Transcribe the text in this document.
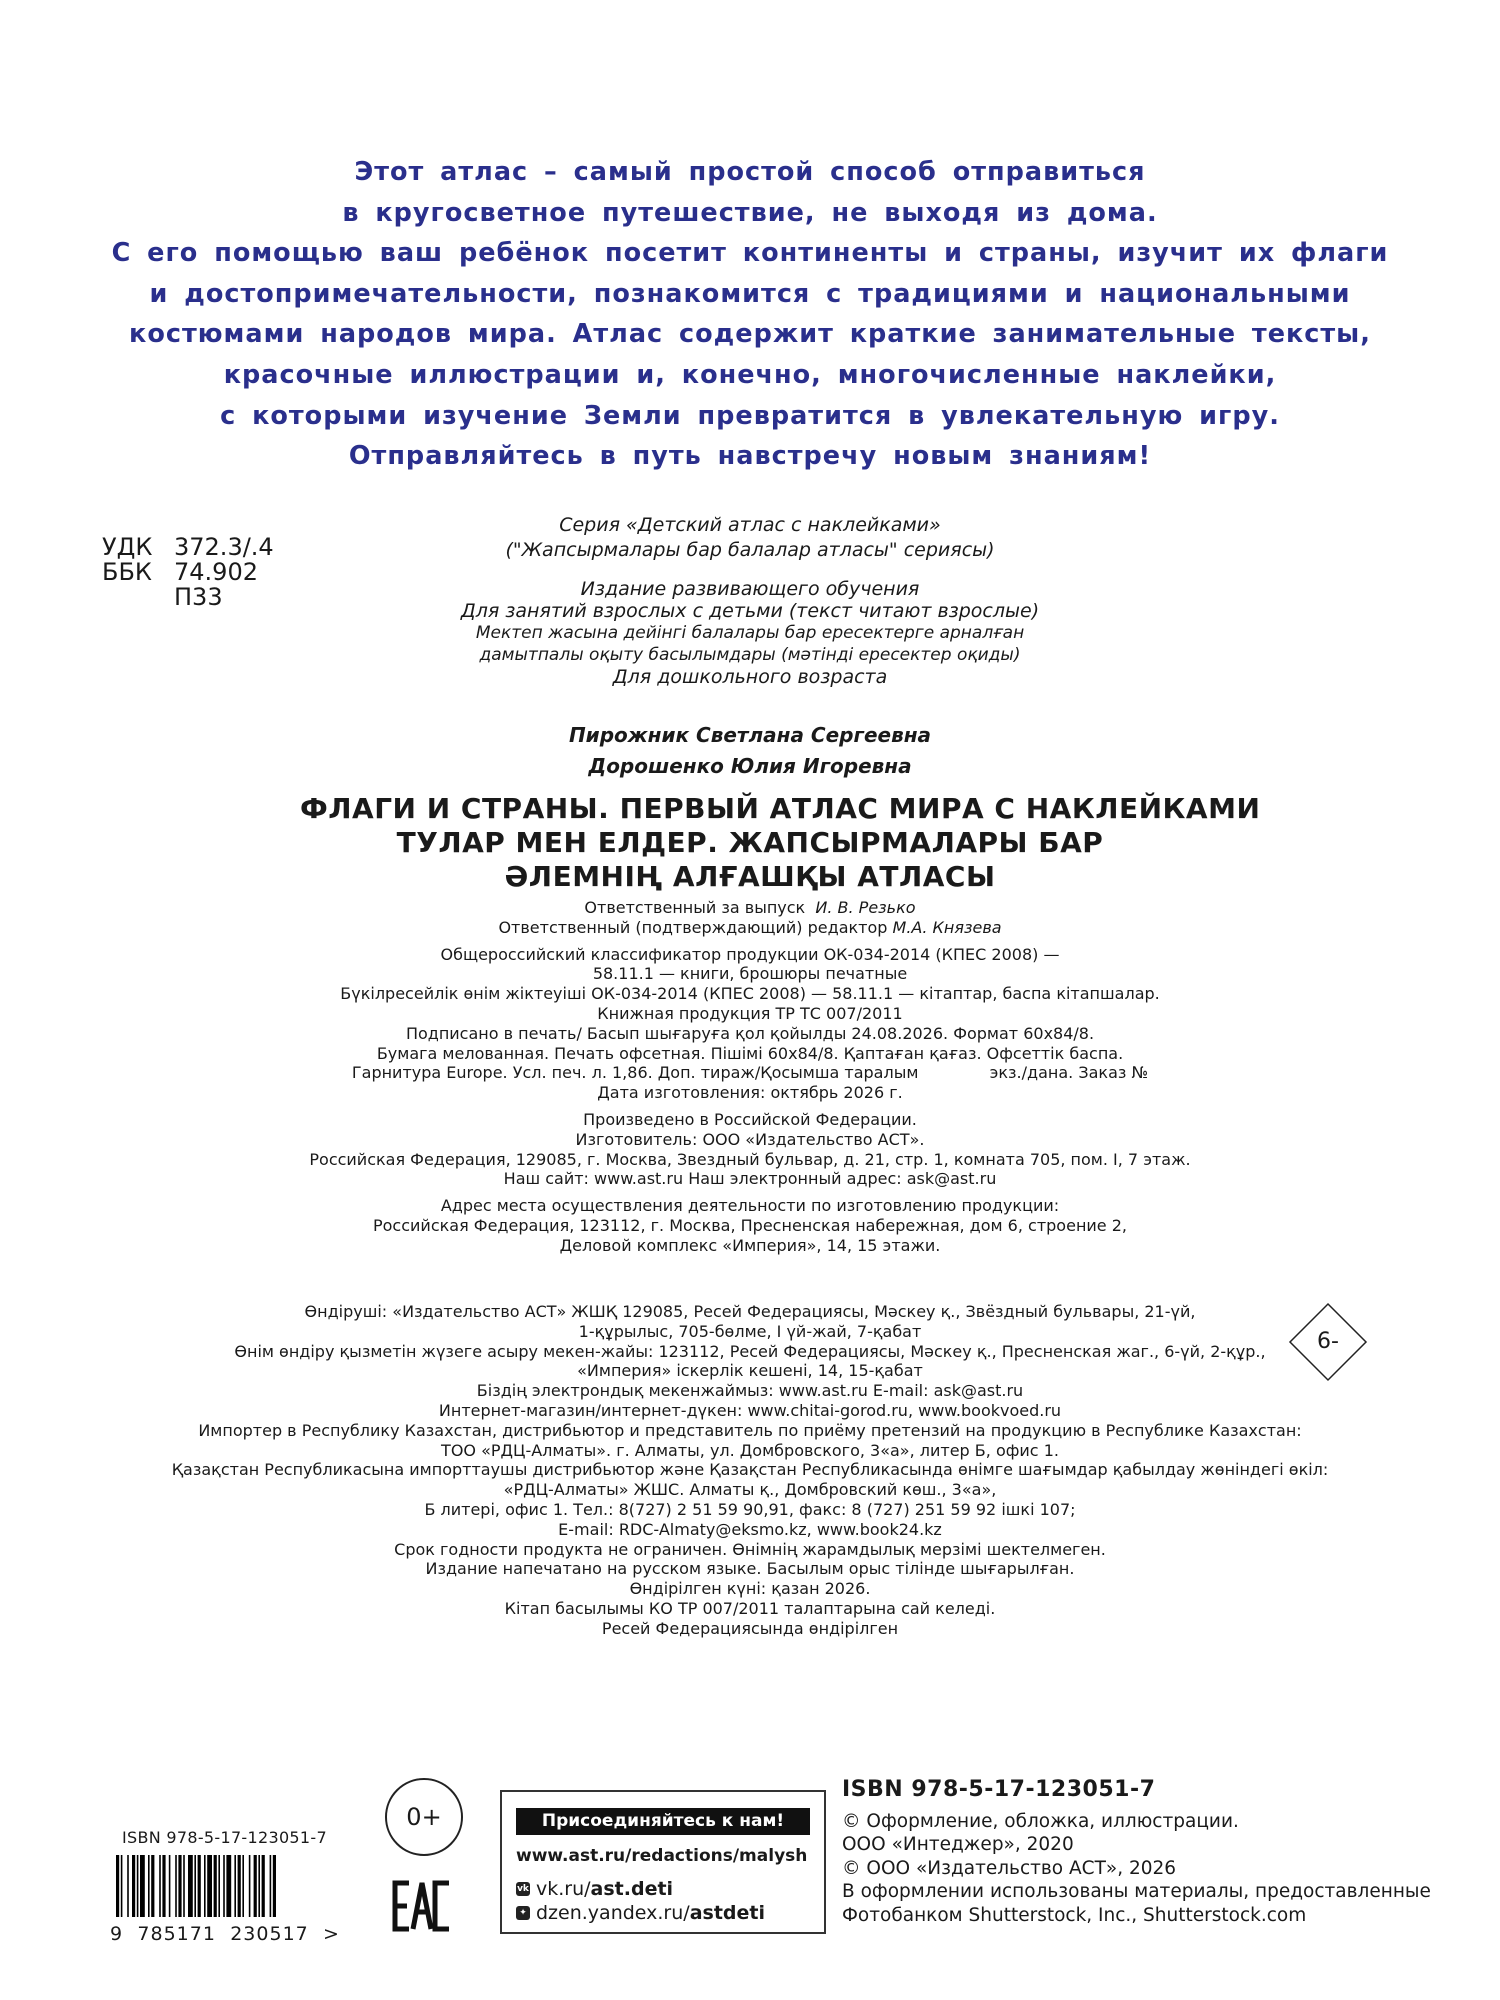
Этот атлас – самый простой способ отправиться
в кругосветное путешествие, не выходя из дома.
С его помощью ваш ребёнок посетит континенты и страны, изучит их флаги
и достопримечательности, познакомится с традициями и национальными
костюмами народов мира. Атлас содержит краткие занимательные тексты,
красочные иллюстрации и, конечно, многочисленные наклейки,
с которыми изучение Земли превратится в увлекательную игру.
Отправляйтесь в путь навстречу новым знаниям!
УДК 372.3/.4
ББК 74.902
П33
Серия «Детский атлас с наклейками»
("Жапсырмалары бар балалар атласы" сериясы)
Издание развивающего обучения
Для занятий взрослых с детьми (текст читают взрослые)
Мектеп жасына дейінгі балалары бар ересектерге арналған
дамытпалы оқыту басылымдары (мәтінді ересектер оқиды)
Для дошкольного возраста
Пирожник Светлана Сергеевна
Дорошенко Юлия Игоревна
ФЛАГИ И СТРАНЫ. ПЕРВЫЙ АТЛАС МИРА С НАКЛЕЙКАМИ
ТУЛАР МЕН ЕЛДЕР. ЖАПСЫРМАЛАРЫ БАР
ӘЛЕМНІҢ АЛҒАШҚЫ АТЛАСЫ
Ответственный за выпуск И. В. Резько
Ответственный (подтверждающий) редактор М.А. Князева
Общероссийский классификатор продукции ОК-034-2014 (КПЕС 2008) —
58.11.1 — книги, брошюры печатные
Бүкілресейлік өнім жіктеуіші ОК-034-2014 (КПЕС 2008) — 58.11.1 — кітаптар, баспа кітапшалар.
Книжная продукция ТР ТС 007/2011
Подписано в печать/ Басып шығаруға қол қойылды 24.08.2026. Формат 60x84/8.
Бумага мелованная. Печать офсетная. Пішімі 60x84/8. Қаптаған қағаз. Офсеттік баспа.
Гарнитура Europe. Усл. печ. л. 1,86. Доп. тираж/Қосымша таралым              экз./дана. Заказ №
Дата изготовления: октябрь 2026 г.
Произведено в Российской Федерации.
Изготовитель: ООО «Издательство АСТ».
Российская Федерация, 129085, г. Москва, Звездный бульвар, д. 21, стр. 1, комната 705, пом. I, 7 этаж.
Наш сайт: www.ast.ru Наш электронный адрес: ask@ast.ru
Адрес места осуществления деятельности по изготовлению продукции:
Российская Федерация, 123112, г. Москва, Пресненская набережная, дом 6, строение 2,
Деловой комплекс «Империя», 14, 15 этажи.
Өндіруші: «Издательство АСТ» ЖШҚ 129085, Ресей Федерациясы, Мәскеу қ., Звёздный бульвары, 21-үй,
1-құрылыс, 705-бөлме, I үй-жай, 7-қабат
Өнім өндіру қызметін жүзеге асыру мекен-жайы: 123112, Ресей Федерациясы, Мәскеу қ., Пресненская жаг., 6-үй, 2-құр.,
«Империя» іскерлік кешені, 14, 15-қабат
Біздің электрондық мекенжаймыз: www.ast.ru E-mail: ask@ast.ru
Интернет-магазин/интернет-дүкен: www.chitai-gorod.ru, www.bookvoed.ru
Импортер в Республику Казахстан, дистрибьютор и представитель по приёму претензий на продукцию в Республике Казахстан:
ТОО «РДЦ-Алматы». г. Алматы, ул. Домбровского, 3«а», литер Б, офис 1.
Қазақстан Республикасына импорттаушы дистрибьютор және Қазақстан Республикасында өнімге шағымдар қабылдау жөніндегі өкіл:
«РДЦ-Алматы» ЖШС. Алматы қ., Домбровский көш., 3«а»,
Б литері, офис 1. Тел.: 8(727) 2 51 59 90,91, факс: 8 (727) 251 59 92 ішкі 107;
E-mail: RDC-Almaty@eksmo.kz, www.book24.kz
Срок годности продукта не ограничен. Өнімнің жарамдылық мерзімі шектелмеген.
Издание напечатано на русском языке. Басылым орыс тілінде шығарылған.
Өндірілген күні: қазан 2026.
Кітап басылымы КО ТР 007/2011 талаптарына сай келеді.
Ресей Федерациясында өндірілген
6-
ISBN 978-5-17-123051-7
9 785171 230517 >
0+	Присоединяйтесь к нам!
www.ast.ru/redactions/malysh
vk vk.ru/ ast.deti
✦ dzen.yandex.ru/ astdeti
ISBN 978-5-17-123051-7
© Оформление, обложка, иллюстрации.
ООО «Интеджер», 2020
© ООО «Издательство АСТ», 2026
В оформлении использованы материалы, предоставленные
Фотобанком Shutterstock, Inc., Shutterstock.com
